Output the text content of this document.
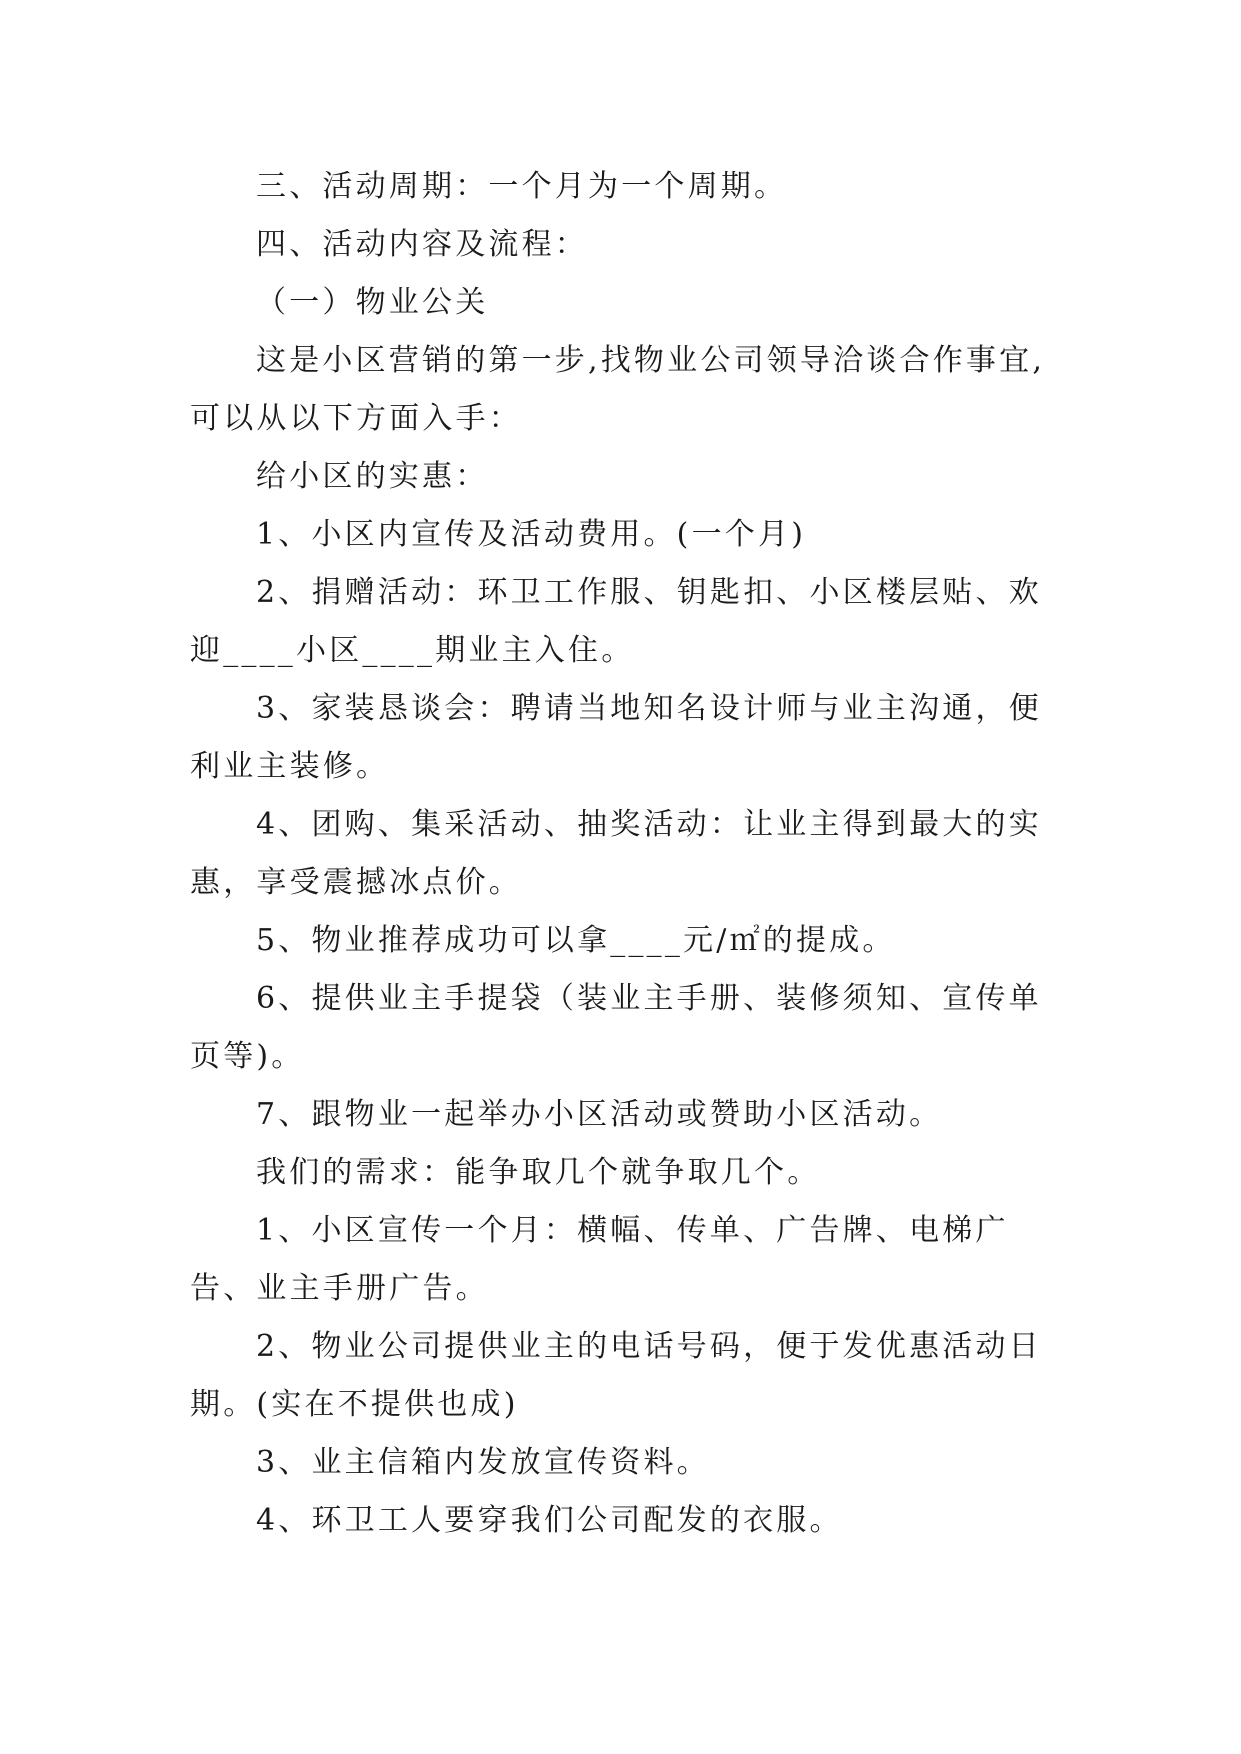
三、活动周期：一个月为一个周期。

四、活动内容及流程：

（一）物业公关

这是小区营销的第一步,找物业公司领导洽谈合作事宜,可以从以下方面入手：

给小区的实惠：

1、小区内宣传及活动费用。(一个月)

2、捐赠活动：环卫工作服、钥匙扣、小区楼层贴、欢迎____小区____期业主入住。

3、家装恳谈会：聘请当地知名设计师与业主沟通，便利业主装修。

4、团购、集采活动、抽奖活动：让业主得到最大的实惠，享受震撼冰点价。

5、物业推荐成功可以拿____元/㎡的提成。

6、提供业主手提袋（装业主手册、装修须知、宣传单页等)。

7、跟物业一起举办小区活动或赞助小区活动。

我们的需求：能争取几个就争取几个。

1、小区宣传一个月：横幅、传单、广告牌、电梯广告、业主手册广告。

2、物业公司提供业主的电话号码，便于发优惠活动日期。(实在不提供也成)

3、业主信箱内发放宣传资料。

4、环卫工人要穿我们公司配发的衣服。
